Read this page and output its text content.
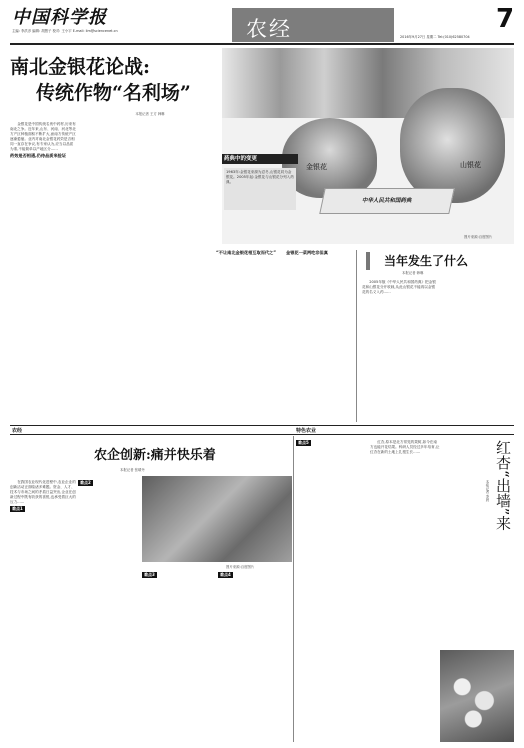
中国科学报
主编: 李洪彦 编辑: 胡慧子 校对: 王小宇 E-mail: lim@sciencenet.cn	农经	7
2016年9月27日 星期二 Tel:(010)62580704
南北金银花论战:
传统作物“名利场”
本报记者 王方 韩琳
中华人民共和国药典
金银花	山银花
药典中的变更
1963年:金银花来源为忍冬,山银花同为金银花。2005年起:金银花与山银花分列入药典。
图片来源:百度图片

金银花是中国传统名贵中药材,历来有南北之争。近年来,山东、河南、河北等北方产区种植面积不断扩大,而南方传统产区逐渐萎缩。业内对南北金银花药效是否相同一直存在争议,有专家认为,应当以品质为准,不能简单以产地区分……

药效是否相通,仍待品质来验证
“不让南北金银花相互取而代之”	金银花一菜两吃非但真
当年发生了什么
本报记者 韩琳

2005年版《中华人民共和国药典》把金银花和山银花分开收载,从此山银花不能再以金银花的名义入药……

农经	特色农业
农企创新:痛并快乐着
本报记者 张晴丹
图片来源:百度图片

在我国农业现代化进程中,农业企业的创新活动正面临诸多难题。资金、人才、技术与市场之间的矛盾日益突出,企业在创新过程中既有收获的喜悦,也承受着巨大的压力……

难点1
难点2
难点3	难点4
难点5	红杏,原本是北方常见的果树,如今在南方也能开花结果。科研人员经过多年培育,让红杏在新的土地上扎根生长……	红杏“出墙”来
本报记者 李晨
